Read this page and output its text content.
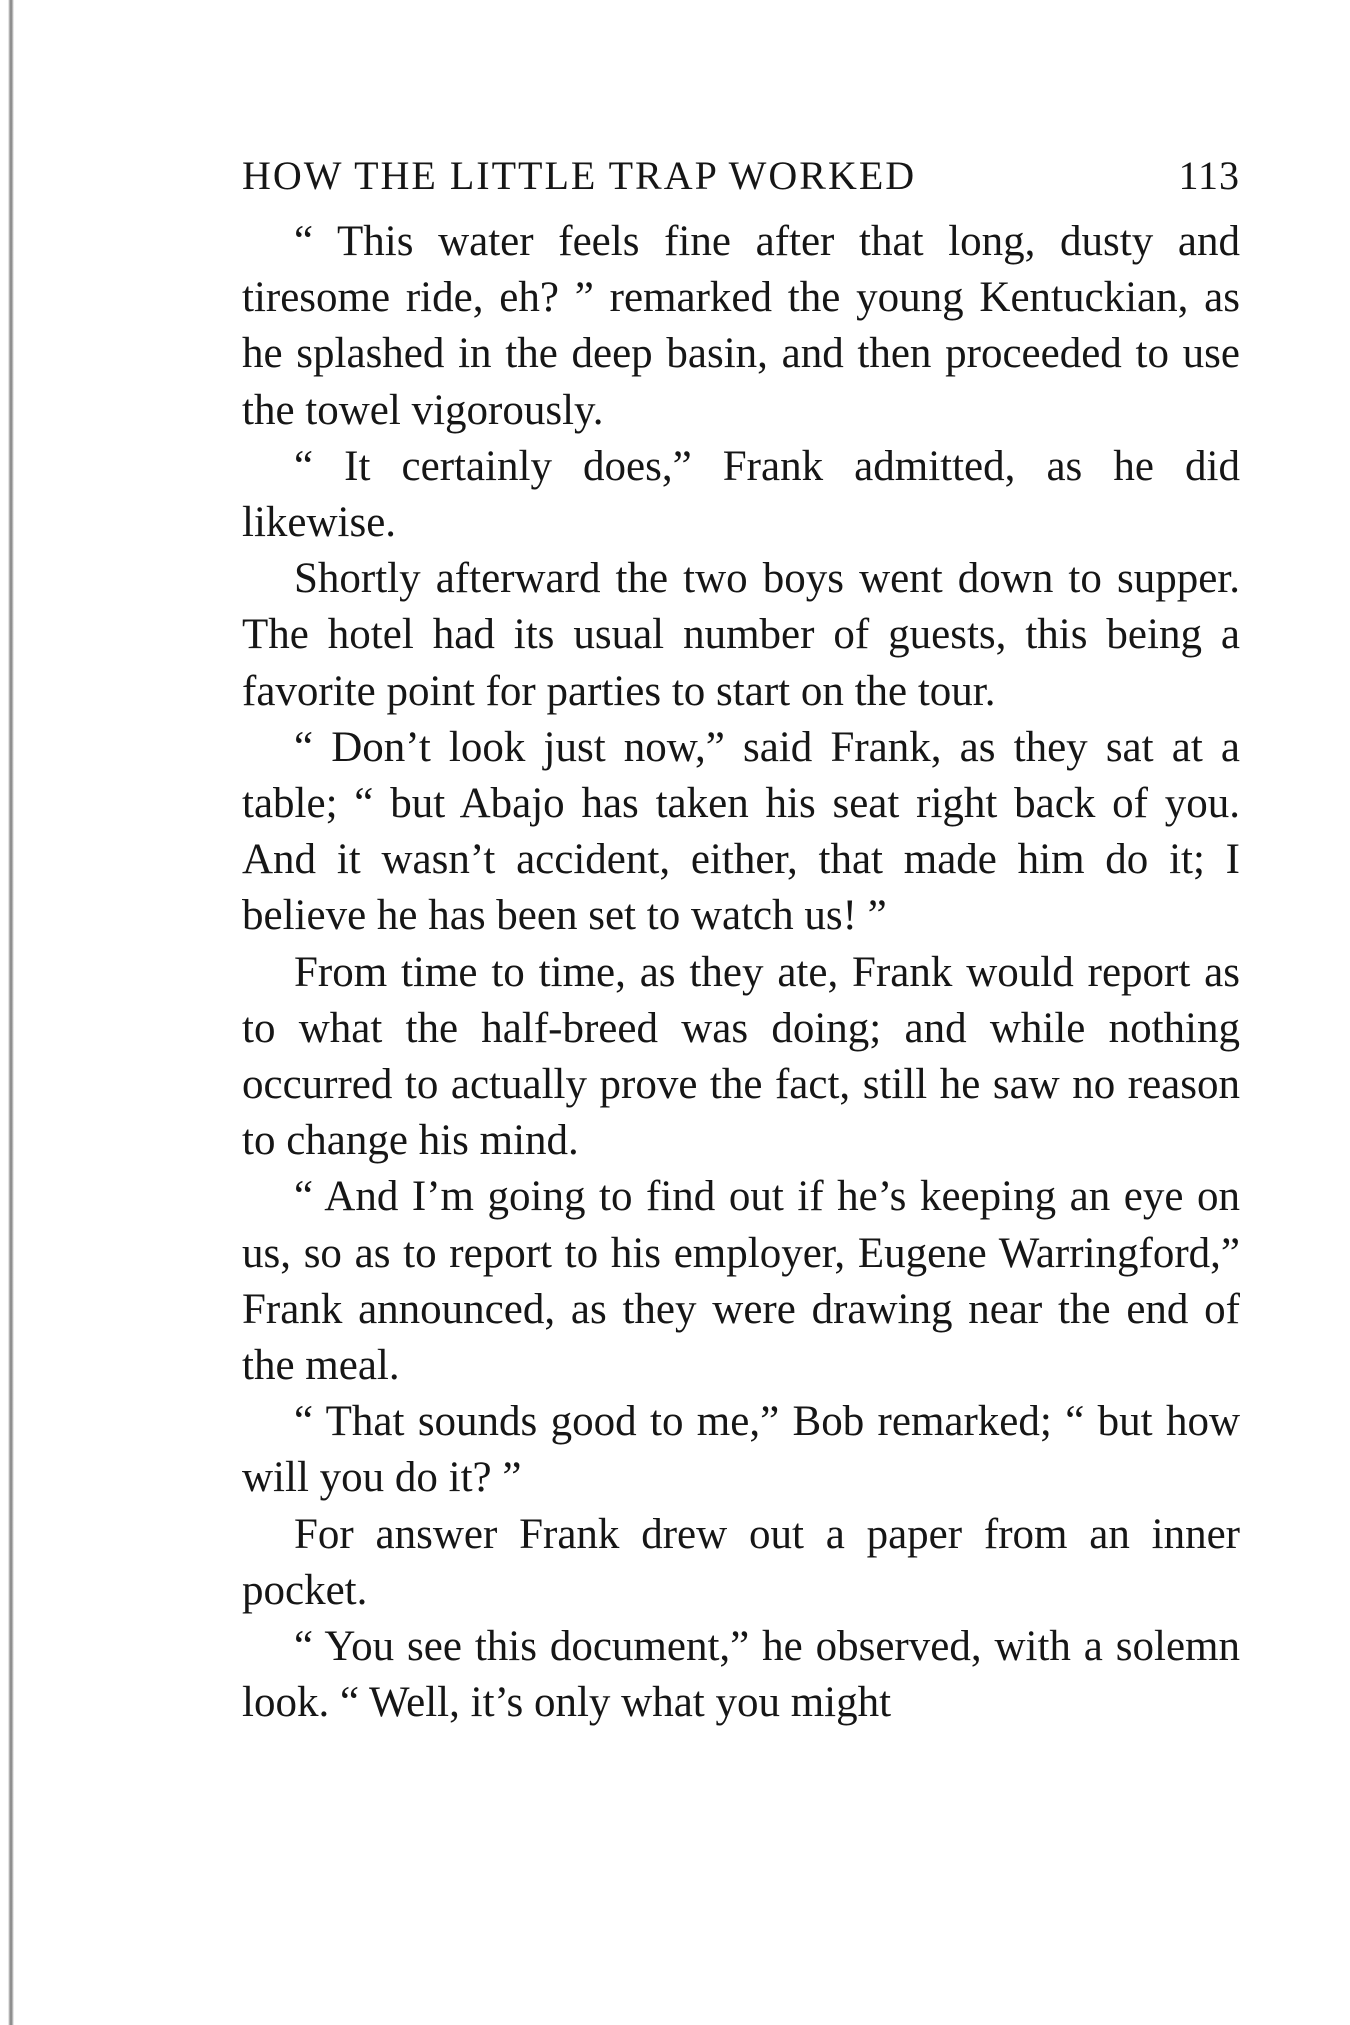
HOW THE LITTLE TRAP WORKED	113

“ This water feels fine after that long, dusty and tiresome ride, eh? ” remarked the young Kentuckian, as he splashed in the deep basin, and then proceeded to use the towel vigorously.

“ It certainly does,” Frank admitted, as he did likewise.

Shortly afterward the two boys went down to supper. The hotel had its usual number of guests, this being a favorite point for parties to start on the tour.

“ Don’t look just now,” said Frank, as they sat at a table; “ but Abajo has taken his seat right back of you. And it wasn’t accident, either, that made him do it; I believe he has been set to watch us! ”

From time to time, as they ate, Frank would report as to what the half-breed was doing; and while nothing occurred to actually prove the fact, still he saw no reason to change his mind.

“ And I’m going to find out if he’s keeping an eye on us, so as to report to his employer, Eugene Warringford,” Frank announced, as they were drawing near the end of the meal.

“ That sounds good to me,” Bob remarked; “ but how will you do it? ”

For answer Frank drew out a paper from an inner pocket.

“ You see this document,” he observed, with a solemn look. “ Well, it’s only what you might
